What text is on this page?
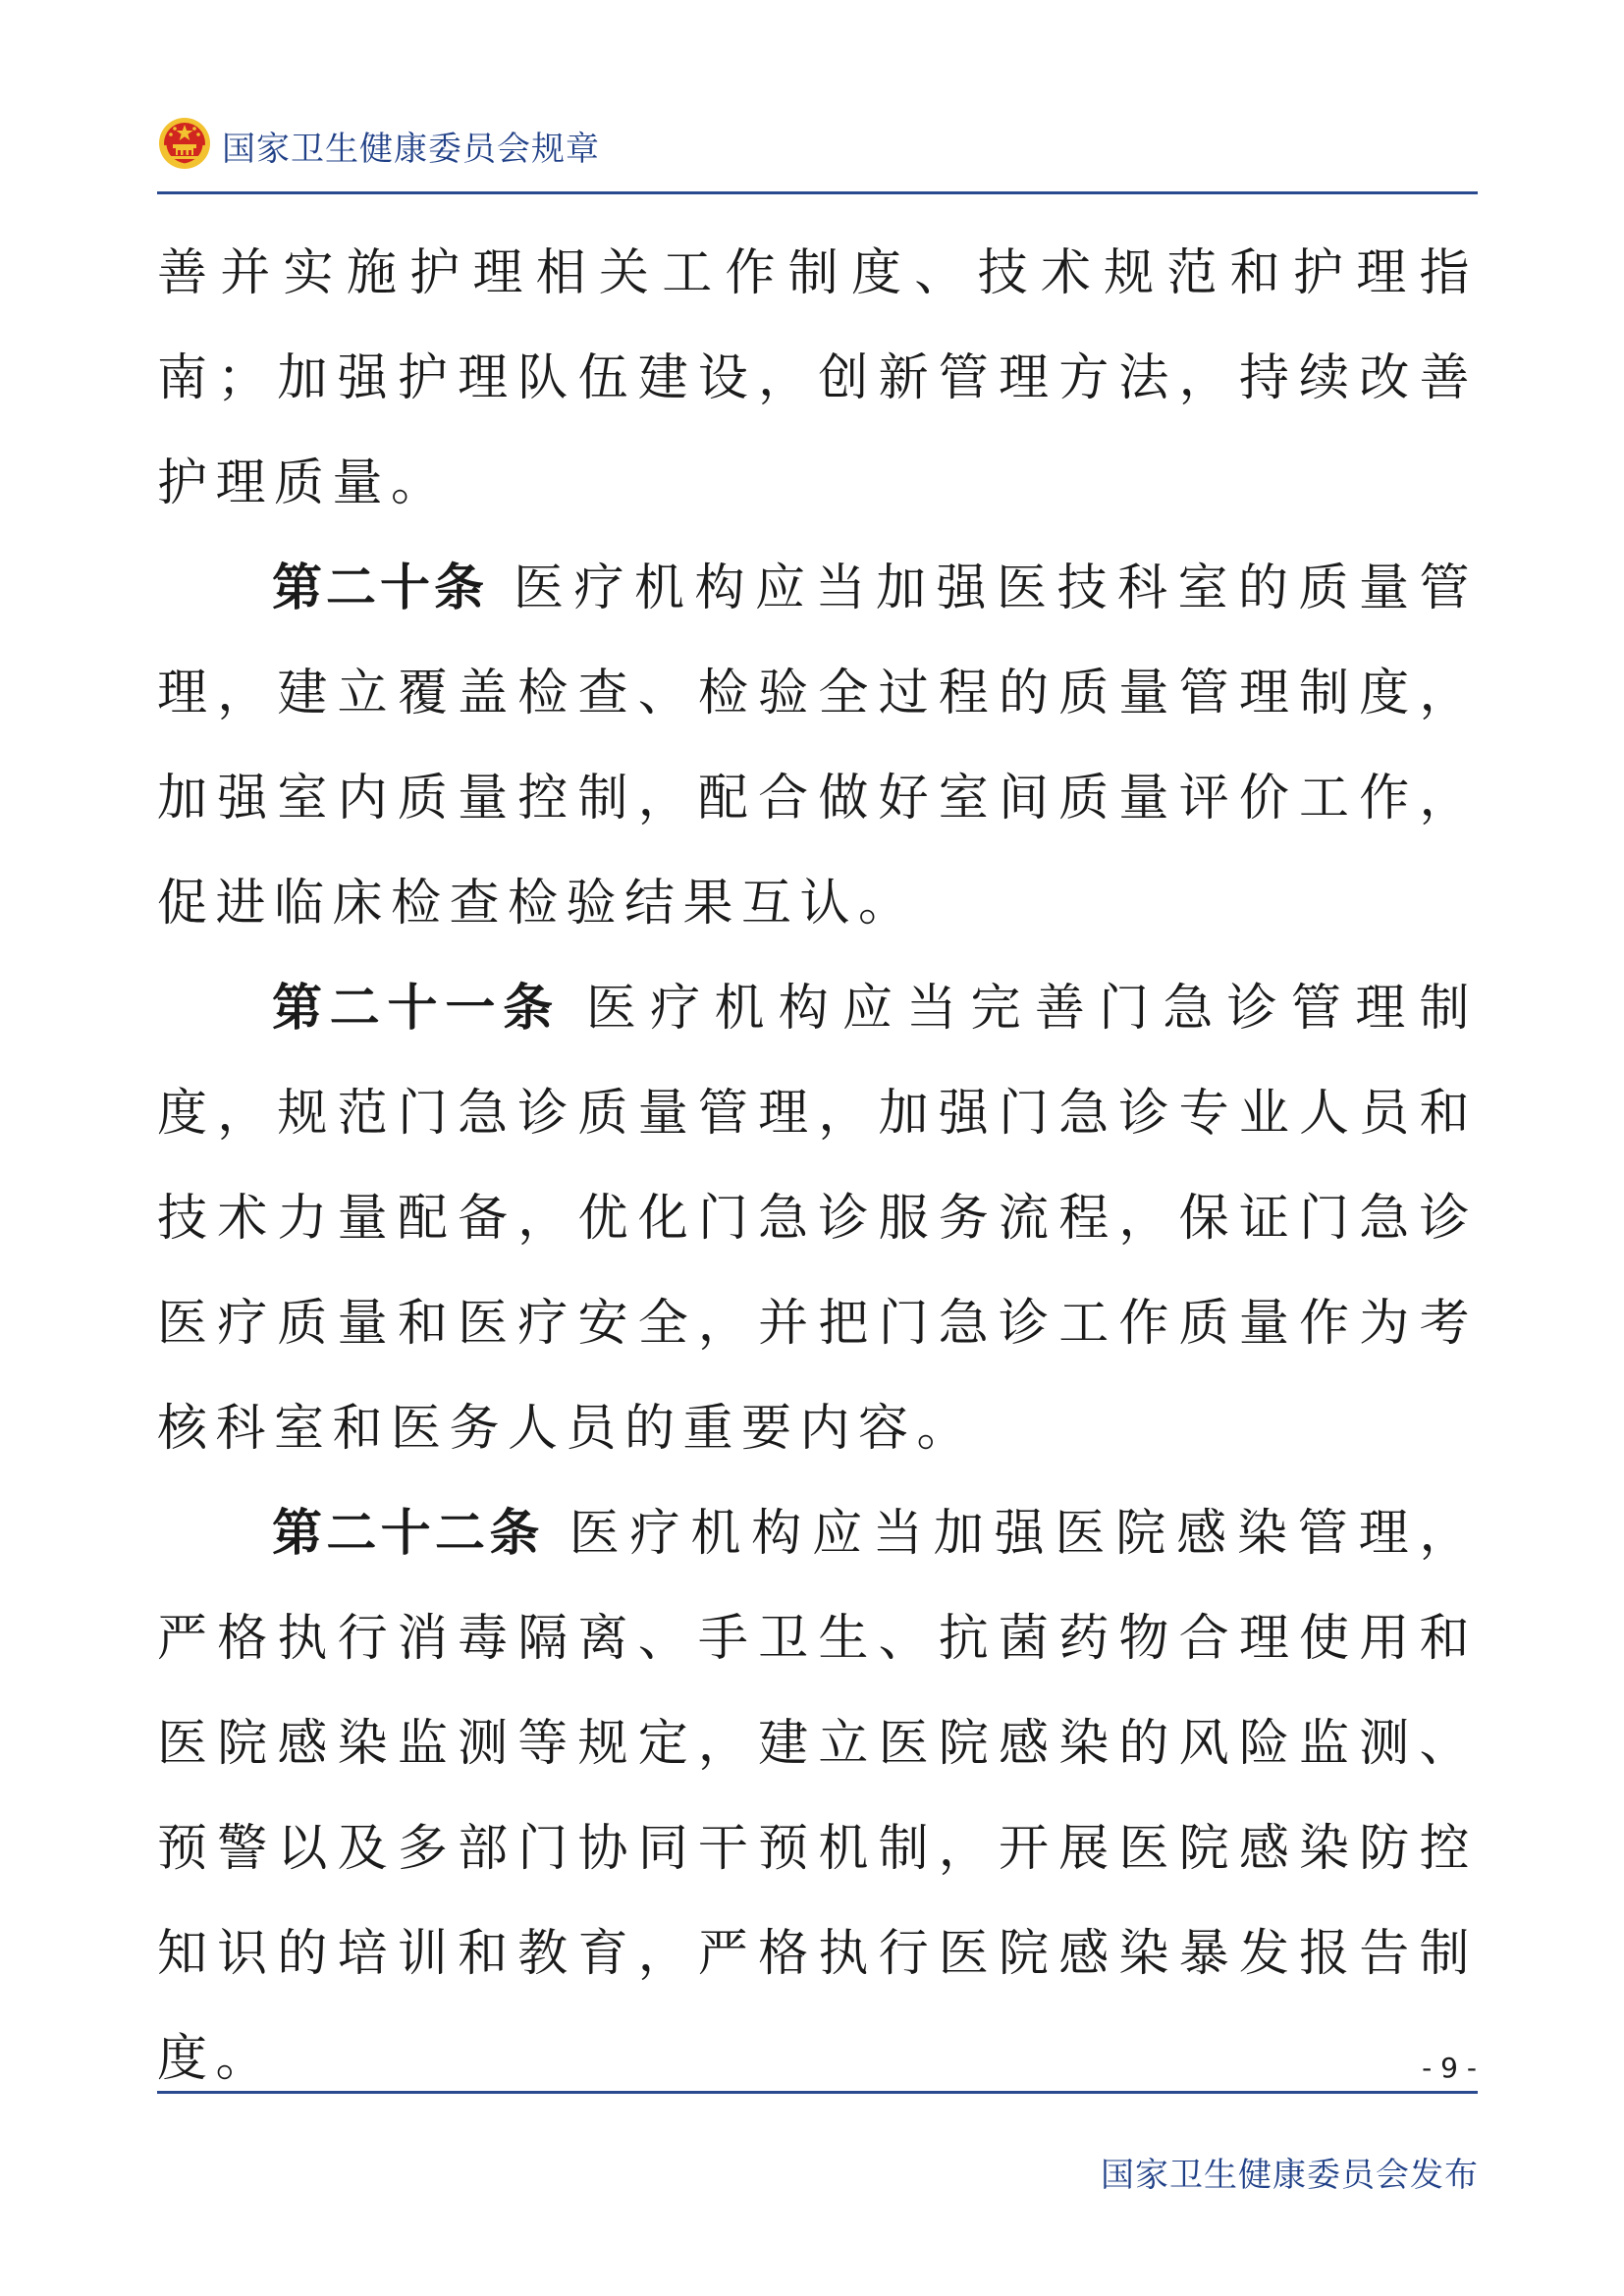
国家卫生健康委员会规章

善并实施护理相关工作制度、技术规范和护理指南；加强护理队伍建设，创新管理方法，持续改善护理质量。

第二十条 医疗机构应当加强医技科室的质量管理，建立覆盖检查、检验全过程的质量管理制度，加强室内质量控制，配合做好室间质量评价工作，促进临床检查检验结果互认。

第二十一条 医疗机构应当完善门急诊管理制度，规范门急诊质量管理，加强门急诊专业人员和技术力量配备，优化门急诊服务流程，保证门急诊医疗质量和医疗安全，并把门急诊工作质量作为考核科室和医务人员的重要内容。

第二十二条 医疗机构应当加强医院感染管理，严格执行消毒隔离、手卫生、抗菌药物合理使用和医院感染监测等规定，建立医院感染的风险监测、预警以及多部门协同干预机制，开展医院感染防控知识的培训和教育，严格执行医院感染暴发报告制度。	- 9 -
国家卫生健康委员会发布
